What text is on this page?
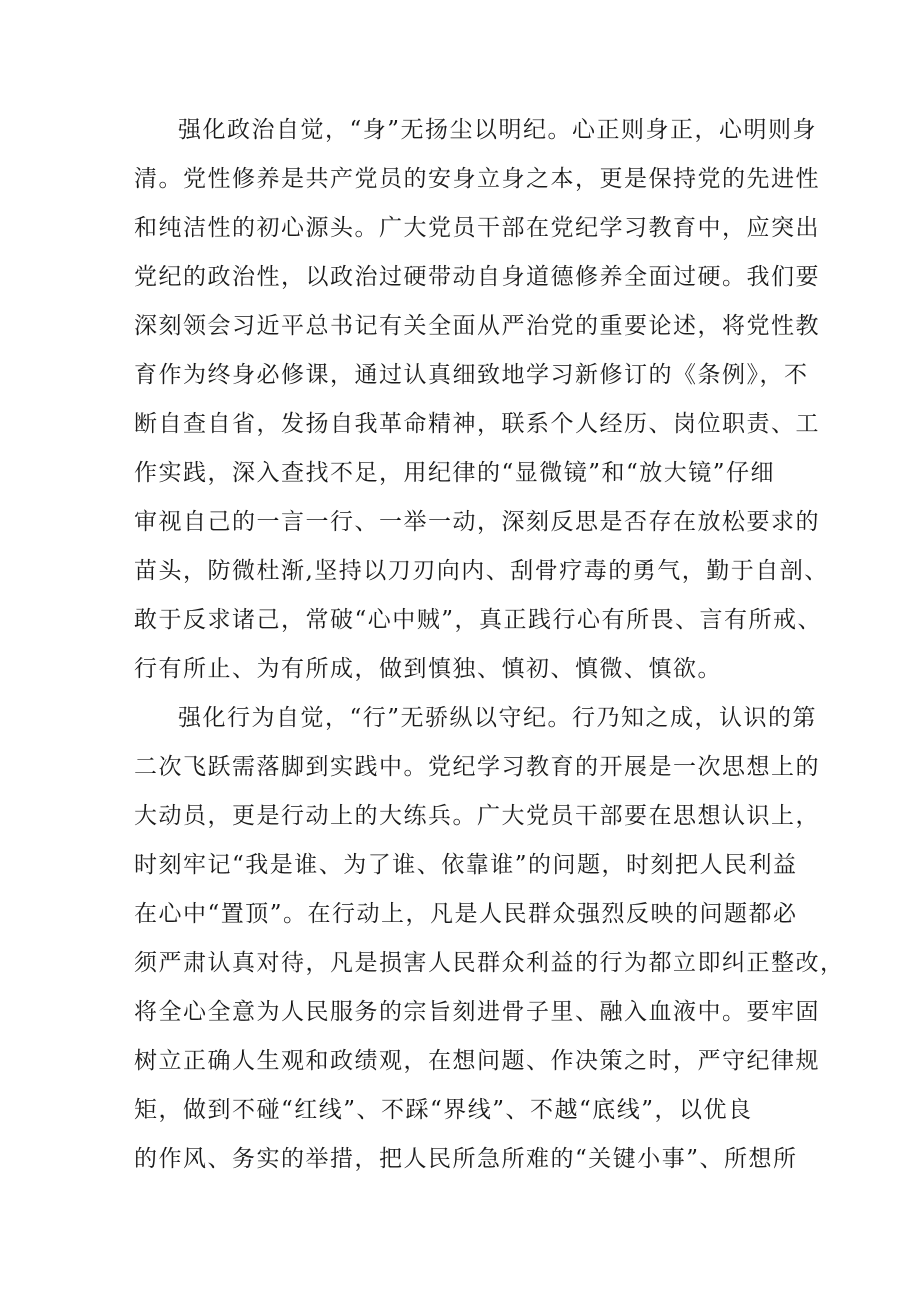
强化政治自觉，“身”无扬尘以明纪。心正则身正，心明则身
清。党性修养是共产党员的安身立身之本，更是保持党的先进性
和纯洁性的初心源头。广大党员干部在党纪学习教育中，应突出
党纪的政治性，以政治过硬带动自身道德修养全面过硬。我们要
深刻领会习近平总书记有关全面从严治党的重要论述，将党性教
育作为终身必修课，通过认真细致地学习新修订的《条例》，不
断自查自省，发扬自我革命精神，联系个人经历、岗位职责、工
作实践，深入查找不足，用纪律的“显微镜”和“放大镜”仔细
审视自己的一言一行、一举一动，深刻反思是否存在放松要求的
苗头，防微杜渐,坚持以刀刃向内、刮骨疗毒的勇气，勤于自剖、
敢于反求诸己，常破“心中贼”，真正践行心有所畏、言有所戒、
行有所止、为有所成，做到慎独、慎初、慎微、慎欲。
强化行为自觉，“行”无骄纵以守纪。行乃知之成，认识的第
二次飞跃需落脚到实践中。党纪学习教育的开展是一次思想上的
大动员，更是行动上的大练兵。广大党员干部要在思想认识上，
时刻牢记“我是谁、为了谁、依靠谁”的问题，时刻把人民利益
在心中“置顶”。在行动上，凡是人民群众强烈反映的问题都必
须严肃认真对待，凡是损害人民群众利益的行为都立即纠正整改，
将全心全意为人民服务的宗旨刻进骨子里、融入血液中。要牢固
树立正确人生观和政绩观，在想问题、作决策之时，严守纪律规
矩，做到不碰“红线”、不踩“界线”、不越“底线”，以优良
的作风、务实的举措，把人民所急所难的“关键小事”、所想所
